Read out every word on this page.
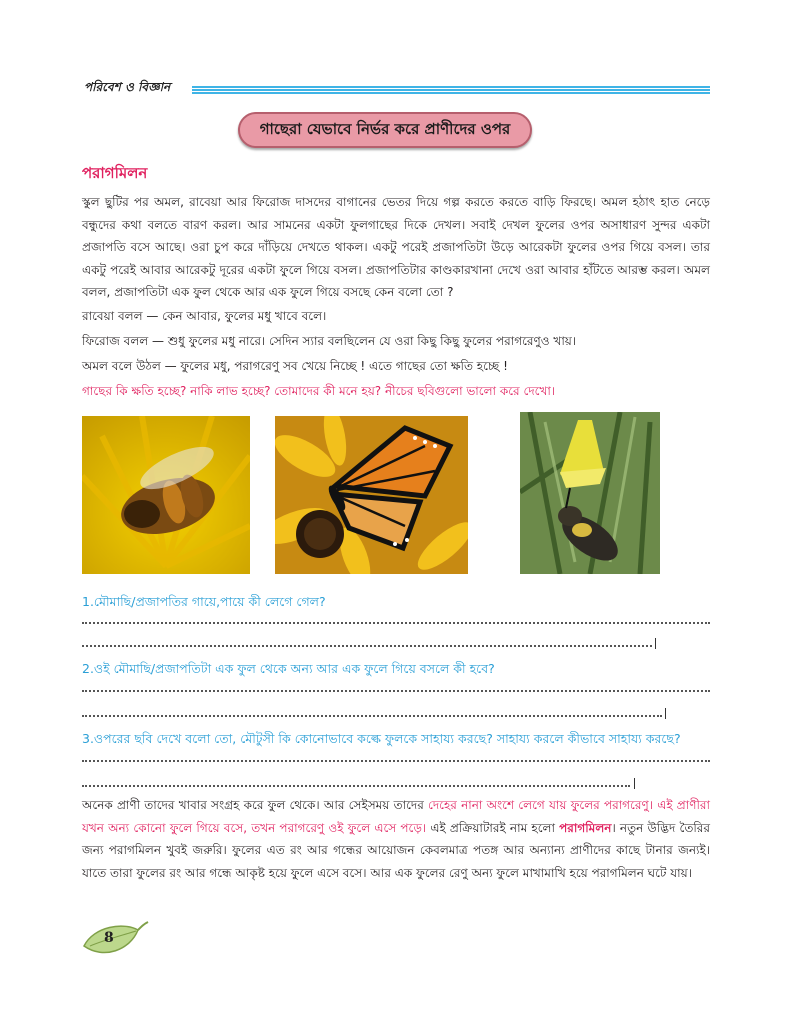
পরিবেশ ও বিজ্ঞান
গাছেরা যেভাবে নির্ভর করে প্রাণীদের ওপর
পরাগমিলন
স্কুল ছুটির পর অমল, রাবেয়া আর ফিরোজ দাসদের বাগানের ভেতর দিয়ে গল্প করতে করতে বাড়ি ফিরছে। অমল হঠাৎ হাত নেড়ে বন্ধুদের কথা বলতে বারণ করল। আর সামনের একটা ফুলগাছের দিকে দেখল। সবাই দেখল ফুলের ওপর অসাধারণ সুন্দর একটা প্রজাপতি বসে আছে। ওরা চুপ করে দাঁড়িয়ে দেখতে থাকল। একটু পরেই প্রজাপতিটা উড়ে আরেকটা ফুলের ওপর গিয়ে বসল। তার একটু পরেই আবার আরেকটু দূরের একটা ফুলে গিয়ে বসল। প্রজাপতিটার কাণ্ডকারখানা দেখে ওরা আবার হাঁটতে আরম্ভ করল। অমল বলল, প্রজাপতিটা এক ফুল থেকে আর এক ফুলে গিয়ে বসছে কেন বলো তো ?
রাবেয়া বলল — কেন আবার, ফুলের মধু খাবে বলে।
ফিরোজ বলল — শুধু ফুলের মধু নারে। সেদিন স্যার বলছিলেন যে ওরা কিছু কিছু ফুলের পরাগরেণুও খায়।
অমল বলে উঠল — ফুলের মধু, পরাগরেণু সব খেয়ে নিচ্ছে ! এতে গাছের তো ক্ষতি হচ্ছে !
গাছের কি ক্ষতি হচ্ছে? নাকি লাভ হচ্ছে? তোমাদের কী মনে হয়? নীচের ছবিগুলো ভালো করে দেখো।
1.মৌমাছি/প্রজাপতির গায়ে,পায়ে কী লেগে গেল?
2.ওই মৌমাছি/প্রজাপতিটা এক ফুল থেকে অন্য আর এক ফুলে গিয়ে বসলে কী হবে?
3.ওপরের ছবি দেখে বলো তো, মৌটুসী কি কোনোভাবে কল্কে ফুলকে সাহায্য করছে? সাহায্য করলে কীভাবে সাহায্য করছে?
অনেক প্রাণী তাদের খাবার সংগ্রহ করে ফুল থেকে। আর সেইসময় তাদের দেহের নানা অংশে লেগে যায় ফুলের পরাগরেণু। এই প্রাণীরা যখন অন্য কোনো ফুলে গিয়ে বসে, তখন পরাগরেণু ওই ফুলে এসে পড়ে। এই প্রক্রিয়াটারই নাম হলো পরাগমিলন। নতুন উদ্ভিদ তৈরির জন্য পরাগমিলন খুবই জরুরি। ফুলের এত রং আর গন্ধের আয়োজন কেবলমাত্র পতঙ্গ আর অন্যান্য প্রাণীদের কাছে টানার জন্যই। যাতে তারা ফুলের রং আর গন্ধে আকৃষ্ট হয়ে ফুলে এসে বসে। আর এক ফুলের রেণু অন্য ফুলে মাখামাখি হয়ে পরাগমিলন ঘটে যায়।
8
